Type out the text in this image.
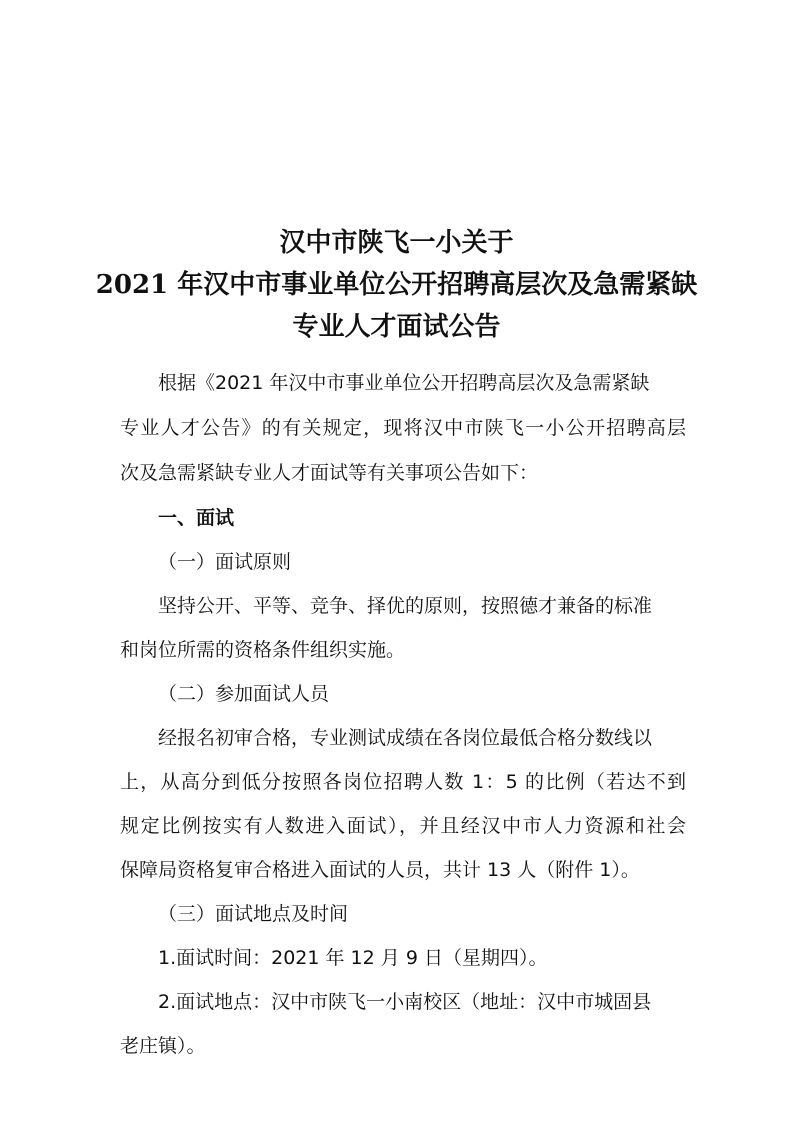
汉中市陕飞一小关于
2021 年汉中市事业单位公开招聘高层次及急需紧缺
专业人才面试公告
根据《2021 年汉中市事业单位公开招聘高层次及急需紧缺
专业人才公告》的有关规定，现将汉中市陕飞一小公开招聘高层
次及急需紧缺专业人才面试等有关事项公告如下：
一、面试
（一）面试原则
坚持公开、平等、竞争、择优的原则，按照德才兼备的标准
和岗位所需的资格条件组织实施。
（二）参加面试人员
经报名初审合格，专业测试成绩在各岗位最低合格分数线以
上，从高分到低分按照各岗位招聘人数 1：5 的比例（若达不到
规定比例按实有人数进入面试），并且经汉中市人力资源和社会
保障局资格复审合格进入面试的人员，共计 13 人（附件 1）。
（三）面试地点及时间
1.面试时间：2021 年 12 月 9 日（星期四）。
2.面试地点：汉中市陕飞一小南校区（地址：汉中市城固县
老庄镇）。
